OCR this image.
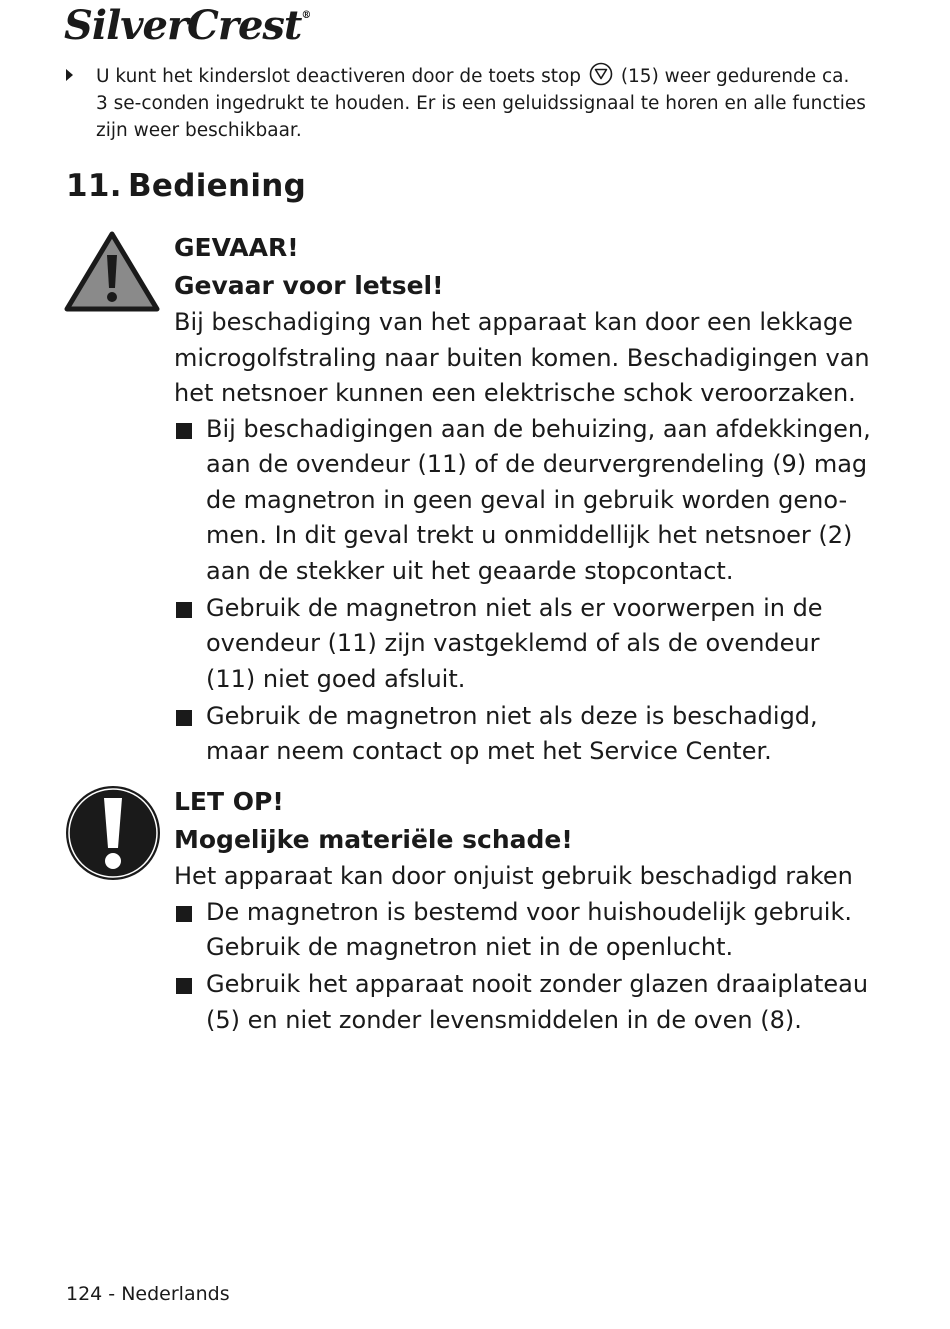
SilverCrest®

U kunt het kinderslot deactiveren door de toets stop (15) weer gedurende ca. 3 se-conden ingedrukt te houden. Er is een geluidssignaal te horen en alle functies zijn weer beschikbaar.

11. Bediening

GEVAAR!

Gevaar voor letsel!

Bij beschadiging van het apparaat kan door een lekkage microgolfstraling naar buiten komen. Beschadigingen van het netsnoer kunnen een elektrische schok veroorzaken.

Bij beschadigingen aan de behuizing, aan afdekkingen, aan de ovendeur (11) of de deurvergrendeling (9) mag de magnetron in geen geval in gebruik worden geno-men. In dit geval trekt u onmiddellijk het netsnoer (2) aan de stekker uit het geaarde stopcontact.
Gebruik de magnetron niet als er voorwerpen in de ovendeur (11) zijn vastgeklemd of als de ovendeur (11) niet goed afsluit.
Gebruik de magnetron niet als deze is beschadigd, maar neem contact op met het Service Center.

LET OP!

Mogelijke materiële schade!

Het apparaat kan door onjuist gebruik beschadigd raken

De magnetron is bestemd voor huishoudelijk gebruik. Gebruik de magnetron niet in de openlucht.
Gebruik het apparaat nooit zonder glazen draaiplateau (5) en niet zonder levensmiddelen in de oven (8).

124 - Nederlands
